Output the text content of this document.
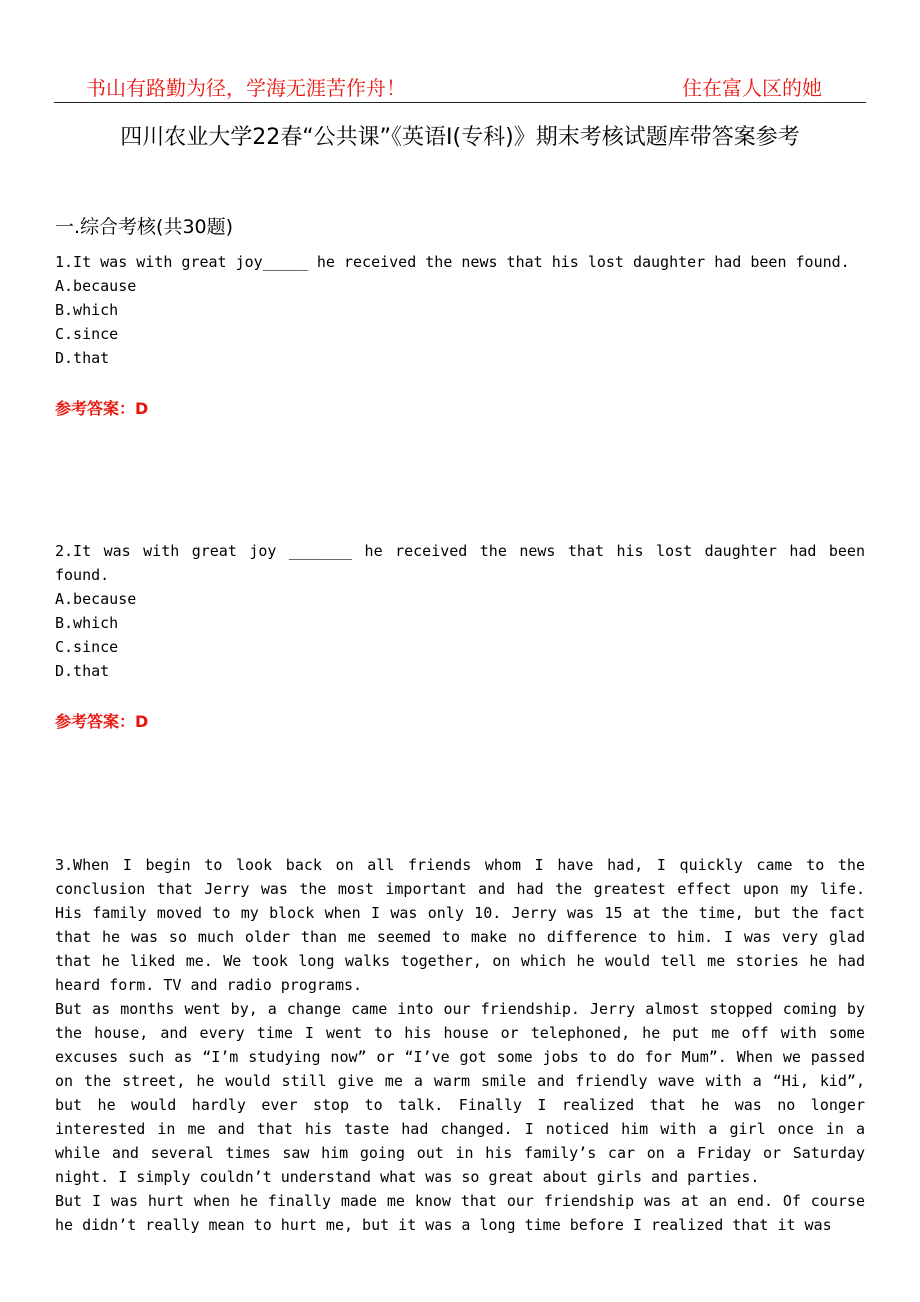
书山有路勤为径，学海无涯苦作舟！	住在富人区的她
四川农业大学22春“公共课”《英语Ⅰ(专科)》期末考核试题库带答案参考
一.综合考核(共30题)
1.It was with great joy_____ he received the news that his lost daughter had been found.
A.because
B.which
C.since
D.that
参考答案：D
2.It was with great joy _______ he received the news that his lost daughter had been found.
A.because
B.which
C.since
D.that
参考答案：D
3.When I begin to look back on all friends whom I have had, I quickly came to the conclusion that Jerry was the most important and had the greatest effect upon my life. His family moved to my block when I was only 10. Jerry was 15 at the time, but the fact that he was so much older than me seemed to make no difference to him. I was very glad that he liked me. We took long walks together, on which he would tell me stories he had heard form. TV and radio programs.
But as months went by, a change came into our friendship. Jerry almost stopped coming by the house, and every time I went to his house or telephoned, he put me off with some excuses such as “I’m studying now” or “I’ve got some jobs to do for Mum”. When we passed on the street, he would still give me a warm smile and friendly wave with a “Hi, kid”, but he would hardly ever stop to talk. Finally I realized that he was no longer interested in me and that his taste had changed. I noticed him with a girl once in a while and several times saw him going out in his family’s car on a Friday or Saturday night. I simply couldn’t understand what was so great about girls and parties.
But I was hurt when he finally made me know that our friendship was at an end. Of course he didn’t really mean to hurt me, but it was a long time before I realized that it was
